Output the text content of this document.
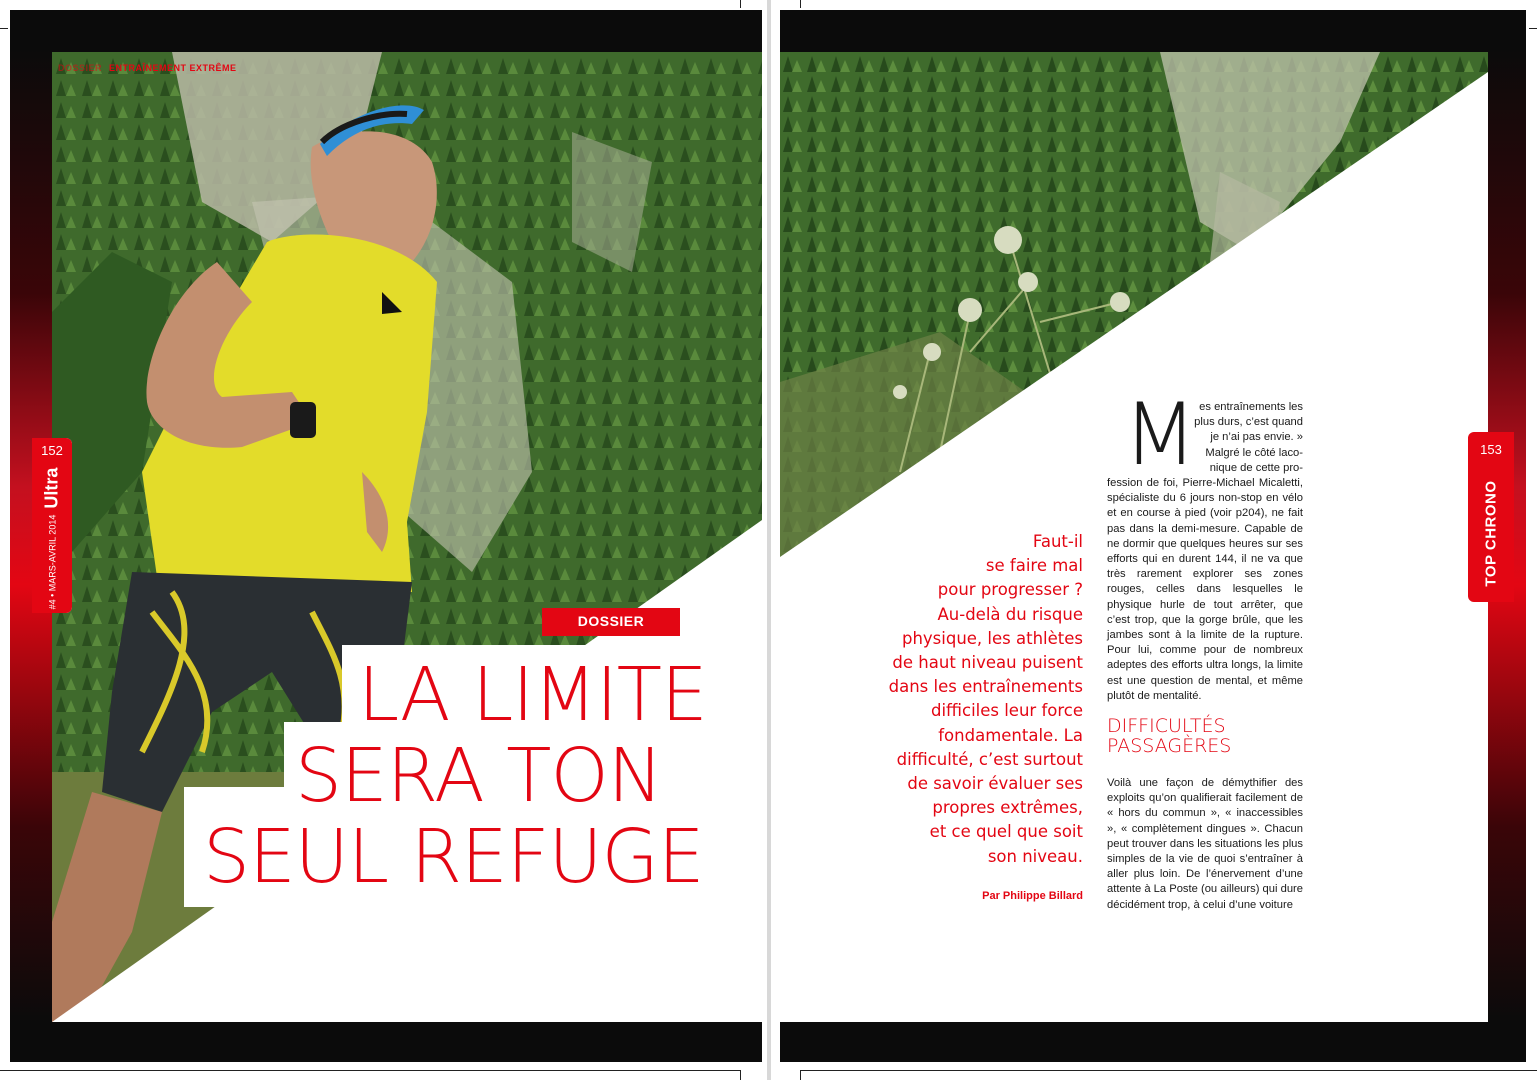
DOSSIER ENTRAÎNEMENT EXTRÊME
DOSSIER
LA LIMITE
SERA TON
SEUL REFUGE
152
#4 • MARS-AVRIL 2014
Ultra
Faut-il
se faire mal
pour progresser ?
Au-delà du risque
physique, les athlètes
de haut niveau puisent
dans les entraînements
difficiles leur force
fondamentale. La
difficulté, c’est surtout
de savoir évaluer ses
propres extrêmes,
et ce quel que soit
son niveau.
Par Philippe Billard
M es entraînements les
plus durs, c’est quand
je n’ai pas envie. »
Malgré le côté laco-
nique de cette pro-
fession de foi, Pierre-Michael Micaletti, spécialiste du 6 jours non-stop en vélo et en course à pied (voir p204), ne fait pas dans la demi-mesure. Capable de ne dormir que quelques heures sur ses efforts qui en durent 144, il ne va que très rarement explorer ses zones rouges, celles dans lesquelles le physique hurle de tout arrêter, que c’est trop, que la gorge brûle, que les jambes sont à la limite de la rupture. Pour lui, comme pour de nombreux adeptes des efforts ultra longs, la limite est une question de mental, et même plutôt de mentalité.
DIFFICULTÉS
PASSAGÈRES
Voilà une façon de démythifier des exploits qu’on qualifierait facilement de « hors du commun », « inaccessibles », « complètement dingues ». Chacun peut trouver dans les situations les plus simples de la vie de quoi s’entraîner à aller plus loin. De l’énervement d’une attente à La Poste (ou ailleurs) qui dure décidément trop, à celui d’une voiture
153
TOP CHRONO
